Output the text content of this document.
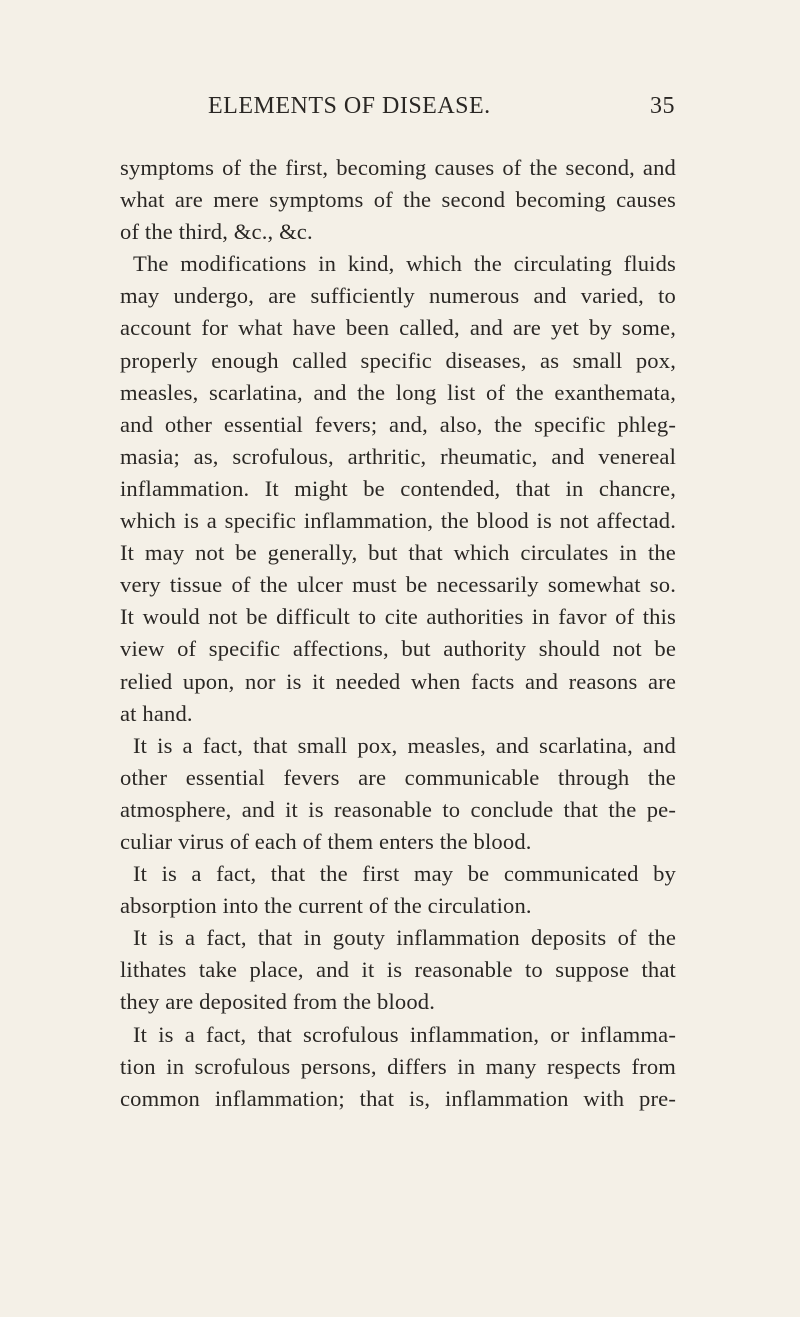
ELEMENTS OF DISEASE.	35
symptoms of the first, becoming causes of the second, and
what are mere symptoms of the second becoming causes
of the third, &c., &c.
The modifications in kind, which the circulating fluids
may undergo, are sufficiently numerous and varied, to
account for what have been called, and are yet by some,
properly enough called specific diseases, as small pox,
measles, scarlatina, and the long list of the exanthemata,
and other essential fevers; and, also, the specific phleg-
masia; as, scrofulous, arthritic, rheumatic, and venereal
inflammation. It might be contended, that in chancre,
which is a specific inflammation, the blood is not affectad.
It may not be generally, but that which circulates in the
very tissue of the ulcer must be necessarily somewhat so.
It would not be difficult to cite authorities in favor of this
view of specific affections, but authority should not be
relied upon, nor is it needed when facts and reasons are
at hand.
It is a fact, that small pox, measles, and scarlatina, and
other essential fevers are communicable through the
atmosphere, and it is reasonable to conclude that the pe-
culiar virus of each of them enters the blood.
It is a fact, that the first may be communicated by
absorption into the current of the circulation.
It is a fact, that in gouty inflammation deposits of the
lithates take place, and it is reasonable to suppose that
they are deposited from the blood.
It is a fact, that scrofulous inflammation, or inflamma-
tion in scrofulous persons, differs in many respects from
common inflammation; that is, inflammation with pre-
